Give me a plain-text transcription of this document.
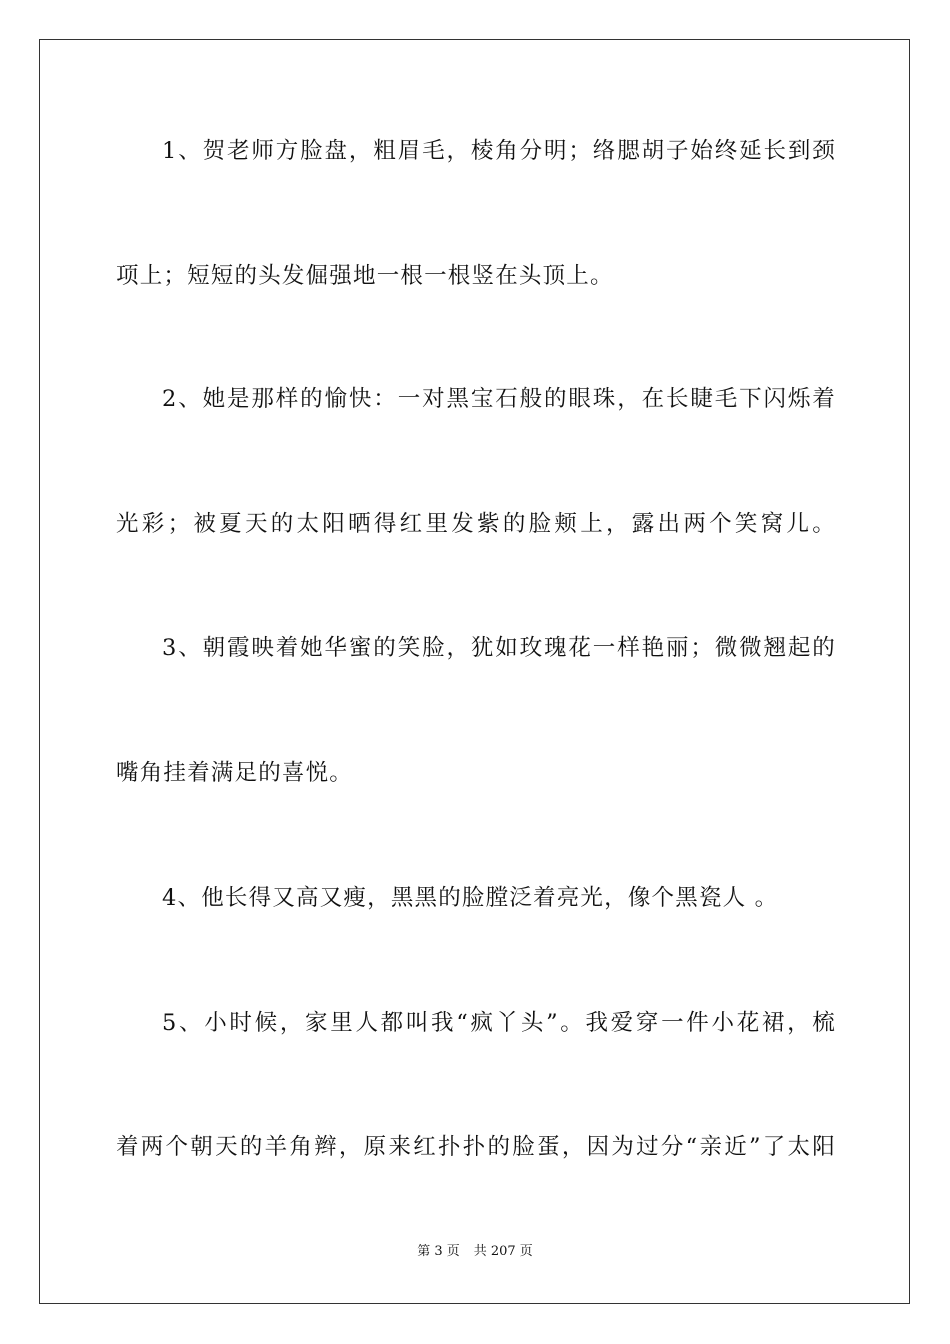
1、贺老师方脸盘，粗眉毛，棱角分明；络腮胡子始终延长到颈
项上；短短的头发倔强地一根一根竖在头顶上。
2、她是那样的愉快：一对黑宝石般的眼珠，在长睫毛下闪烁着
光彩；被夏天的太阳晒得红里发紫的脸颊上，露出两个笑窝儿。
3、朝霞映着她华蜜的笑脸，犹如玫瑰花一样艳丽；微微翘起的
嘴角挂着满足的喜悦。
4、他长得又高又瘦，黑黑的脸膛泛着亮光，像个黑瓷人 。
5、小时候，家里人都叫我“疯丫头”。我爱穿一件小花裙，梳
着两个朝天的羊角辫，原来红扑扑的脸蛋，因为过分“亲近”了太阳
第 3 页 共 207 页
